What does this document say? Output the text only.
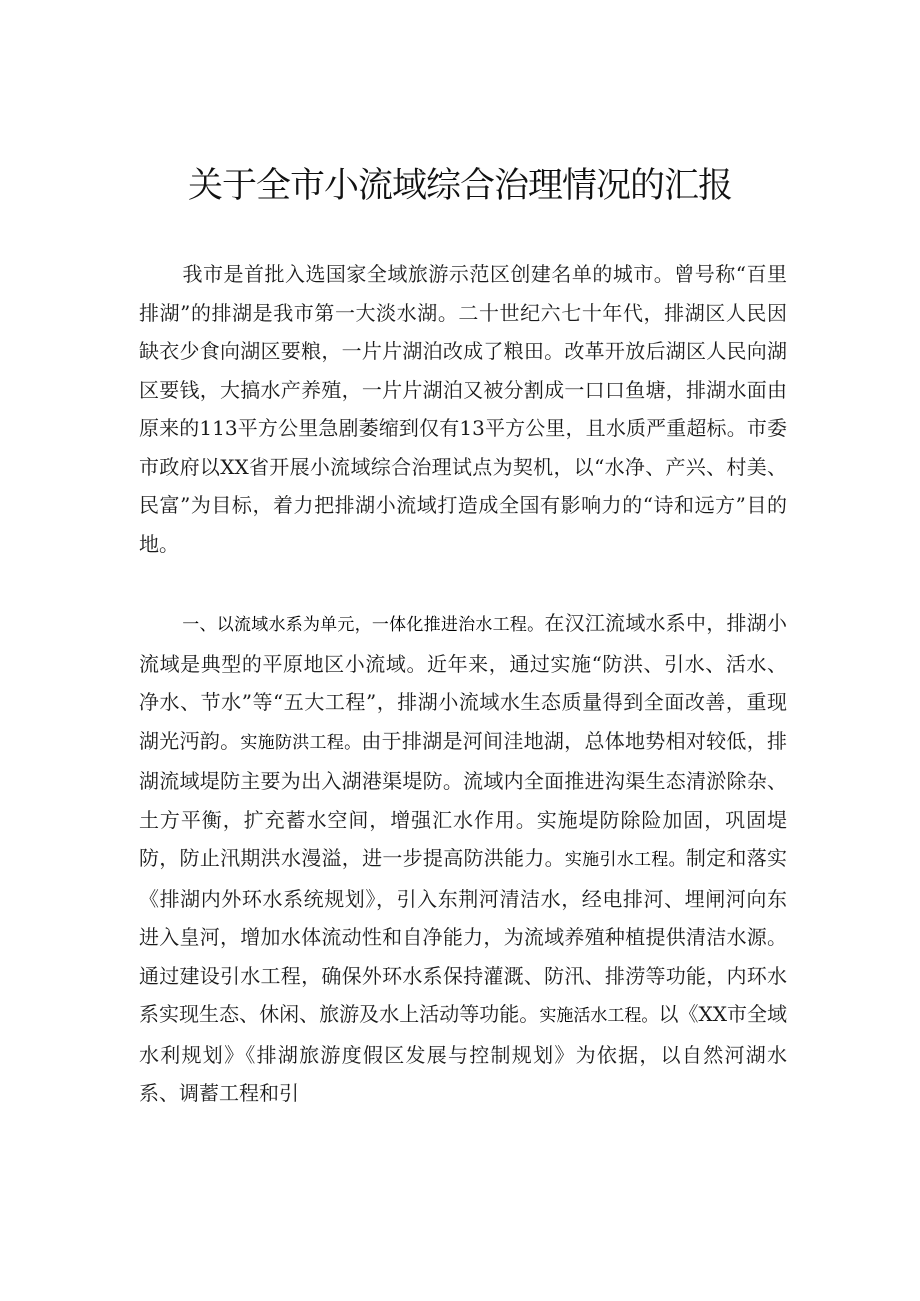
关于全市小流域综合治理情况的汇报

我市是首批入选国家全域旅游示范区创建名单的城市。曾号称“百里排湖”的排湖是我市第一大淡水湖。二十世纪六七十年代，排湖区人民因缺衣少食向湖区要粮，一片片湖泊改成了粮田。改革开放后湖区人民向湖区要钱，大搞水产养殖，一片片湖泊又被分割成一口口鱼塘，排湖水面由原来的113平方公里急剧萎缩到仅有13平方公里，且水质严重超标。市委市政府以XX省开展小流域综合治理试点为契机，以“水净、产兴、村美、民富”为目标，着力把排湖小流域打造成全国有影响力的“诗和远方”目的地。

一、以流域水系为单元，一体化推进治水工程。在汉江流域水系中，排湖小流域是典型的平原地区小流域。近年来，通过实施“防洪、引水、活水、净水、节水”等“五大工程”，排湖小流域水生态质量得到全面改善，重现湖光沔韵。实施防洪工程。由于排湖是河间洼地湖，总体地势相对较低，排湖流域堤防主要为出入湖港渠堤防。流域内全面推进沟渠生态清淤除杂、土方平衡，扩充蓄水空间，增强汇水作用。实施堤防除险加固，巩固堤防，防止汛期洪水漫溢，进一步提高防洪能力。实施引水工程。制定和落实《排湖内外环水系统规划》，引入东荆河清洁水，经电排河、埋闸河向东进入皇河，增加水体流动性和自净能力，为流域养殖种植提供清洁水源。通过建设引水工程，确保外环水系保持灌溉、防汛、排涝等功能，内环水系实现生态、休闲、旅游及水上活动等功能。实施活水工程。以《XX市全域水利规划》《排湖旅游度假区发展与控制规划》为依据，以自然河湖水系、调蓄工程和引
